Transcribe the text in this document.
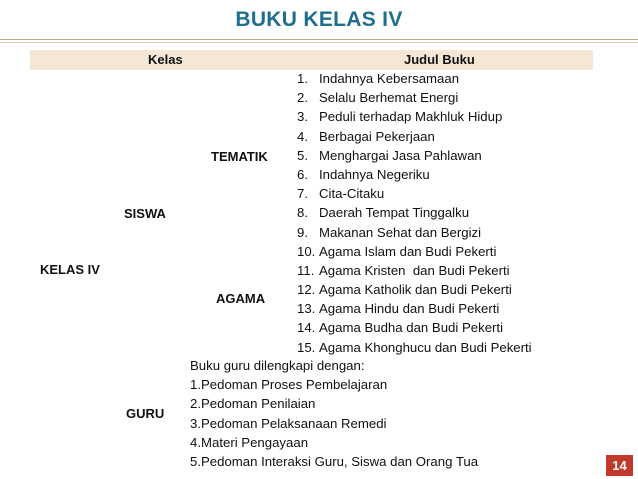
BUKU KELAS IV
Kelas	Judul Buku
KELAS IV
SISWA
GURU
TEMATIK
AGAMA
1. Indahnya Kebersamaan
2. Selalu Berhemat Energi
3. Peduli terhadap Makhluk Hidup
4. Berbagai Pekerjaan
5. Menghargai Jasa Pahlawan
6. Indahnya Negeriku
7. Cita-Citaku
8. Daerah Tempat Tinggalku
9. Makanan Sehat dan Bergizi
10. Agama Islam dan Budi Pekerti
11. Agama Kristen  dan Budi Pekerti
12. Agama Katholik dan Budi Pekerti
13. Agama Hindu dan Budi Pekerti
14. Agama Budha dan Budi Pekerti
15. Agama Khonghucu dan Budi Pekerti
Buku guru dilengkapi dengan:
1.Pedoman Proses Pembelajaran
2.Pedoman Penilaian
3.Pedoman Pelaksanaan Remedi
4.Materi Pengayaan
5.Pedoman Interaksi Guru, Siswa dan Orang Tua	14
